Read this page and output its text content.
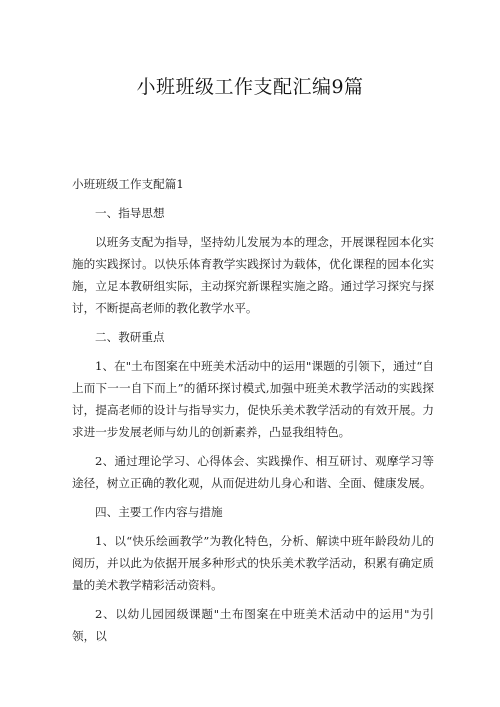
小班班级工作支配汇编9篇

小班班级工作支配篇1

一、指导思想

以班务支配为指导，坚持幼儿发展为本的理念，开展课程园本化实施的实践探讨。以快乐体育教学实践探讨为载体，优化课程的园本化实施，立足本教研组实际，主动探究新课程实施之路。通过学习探究与探讨，不断提高老师的教化教学水平。

二、教研重点

1、在"土布图案在中班美术活动中的运用"课题的引领下，通过“自上而下一一自下而上”的循环探讨模式,加强中班美术教学活动的实践探讨，提高老师的设计与指导实力，促快乐美术教学活动的有效开展。力求进一步发展老师与幼儿的创新素养，凸显我组特色。

2、通过理论学习、心得体会、实践操作、相互研讨、观摩学习等途径，树立正确的教化观，从而促进幼儿身心和谐、全面、健康发展。

四、主要工作内容与措施

1、以“快乐绘画教学”为教化特色，分析、解读中班年龄段幼儿的阅历，并以此为依据开展多种形式的快乐美术教学活动，积累有确定质量的美术教学精彩活动资料。

2、以幼儿园园级课题"土布图案在中班美术活动中的运用"为引领，以
